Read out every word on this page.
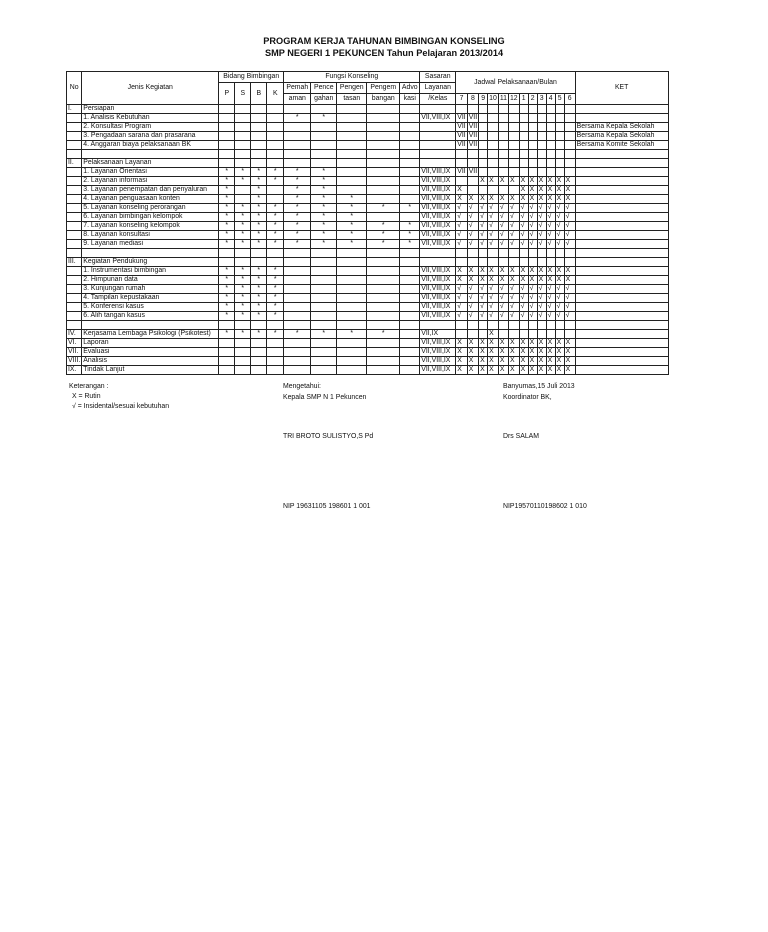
PROGRAM KERJA TAHUNAN BIMBINGAN KONSELING
SMP NEGERI 1 PEKUNCEN Tahun Pelajaran 2013/2014
No	Jenis Kegiatan	Bidang Bimbingan				Fungsi Konseling					Sasaran	Jadwal Pelaksanaan/Bulan												KET
		P	S	B	K	Pemah	Pence	Pengen	Pengem	Advo	Layanan													
						aman	gahan	tasan	bangan	kasi	/Kelas	7	8	9	10	11	12	1	2	3	4	5	6	
I.	Persiapan																							
	1. Analisis Kebutuhan					*	*				VII,VIII,IX	VII	VII											
	2. Konsultasi Program											VII	VII											Bersama Kepala Sekolah
	3. Pengadaan sarana dan prasarana											VII	VII											Bersama Kepala Sekolah
	4. Anggaran biaya pelaksanaan BK											VII	VII											Bersama Komite Sekolah

II.	Pelaksanaan Layanan																							
	1. Layanan Orientasi	*	*	*	*	*	*				VII,VIII,IX	VII	VII											
	2. Layanan informasi	*	*	*	*	*	*				VII,VIII,IX			X	X	X	X	X	X	X	X	X	X	
	3. Layanan penempatan dan penyaluran	*		*		*	*				VII,VIII,IX	X						X	X	X	X	X	X	
	4. Layanan penguasaan konten	*		*		*	*	*			VII,VIII,IX	X	X	X	X	X	X	X	X	X	X	X	X	
	5. Layanan konseling perorangan	*	*	*	*	*	*	*	*	*	VII,VIII,IX	√	√	√	√	√	√	√	√	√	√	√	√	
	6. Layanan bimbingan kelompok	*	*	*	*	*	*	*			VII,VIII,IX	√	√	√	√	√	√	√	√	√	√	√	√	
	7. Layanan konseling kelompok	*	*	*	*	*	*	*	*	*	VII,VIII,IX	√	√	√	√	√	√	√	√	√	√	√	√	
	8. Layanan konsultasi	*	*	*	*	*	*	*	*	*	VII,VIII,IX	√	√	√	√	√	√	√	√	√	√	√	√	
	9. Layanan mediasi	*	*	*	*	*	*	*	*	*	VII,VIII,IX	√	√	√	√	√	√	√	√	√	√	√	√	

III.	Kegiatan Pendukung																							
	1. Instrumentasi bimbingan	*	*	*	*						VII,VIII,IX	X	X	X	X	X	X	X	X	X	X	X	X	
	2. Himpunan data	*	*	*	*						VII,VIII,IX	X	X	X	X	X	X	X	X	X	X	X	X	
	3. Kunjungan rumah	*	*	*	*						VII,VIII,IX	√	√	√	√	√	√	√	√	√	√	√	√	
	4. Tampilan kepustakaan	*	*	*	*						VII,VIII,IX	√	√	√	√	√	√	√	√	√	√	√	√	
	5. Konferensi kasus	*	*	*	*						VII,VIII,IX	√	√	√	√	√	√	√	√	√	√	√	√	
	6. Alih tangan kasus	*	*	*	*						VII,VIII,IX	√	√	√	√	√	√	√	√	√	√	√	√	

IV.	Kerjasama Lembaga Psikologi (Psikotest)	*	*	*	*	*	*	*	*		VII,IX				X									
VI.	Laporan										VII,VIII,IX	X	X	X	X	X	X	X	X	X	X	X	X	
VII.	Evaluasi										VII,VIII,IX	X	X	X	X	X	X	X	X	X	X	X	X	
VIII.	Analisis										VII,VIII,IX	X	X	X	X	X	X	X	X	X	X	X	X	
IX.	Tindak Lanjut										VII,VIII,IX	X	X	X	X	X	X	X	X	X	X	X	X	
Keterangan :
X = Rutin
√ = Insidental/sesuai kebutuhan
Mengetahui:
Kepala SMP N 1 Pekuncen
TRI BROTO SULISTYO,S Pd
NIP 19631105 198601 1 001
Banyumas,15 Juli 2013
Koordinator BK,
Drs SALAM
NIP19570110198602 1 010
